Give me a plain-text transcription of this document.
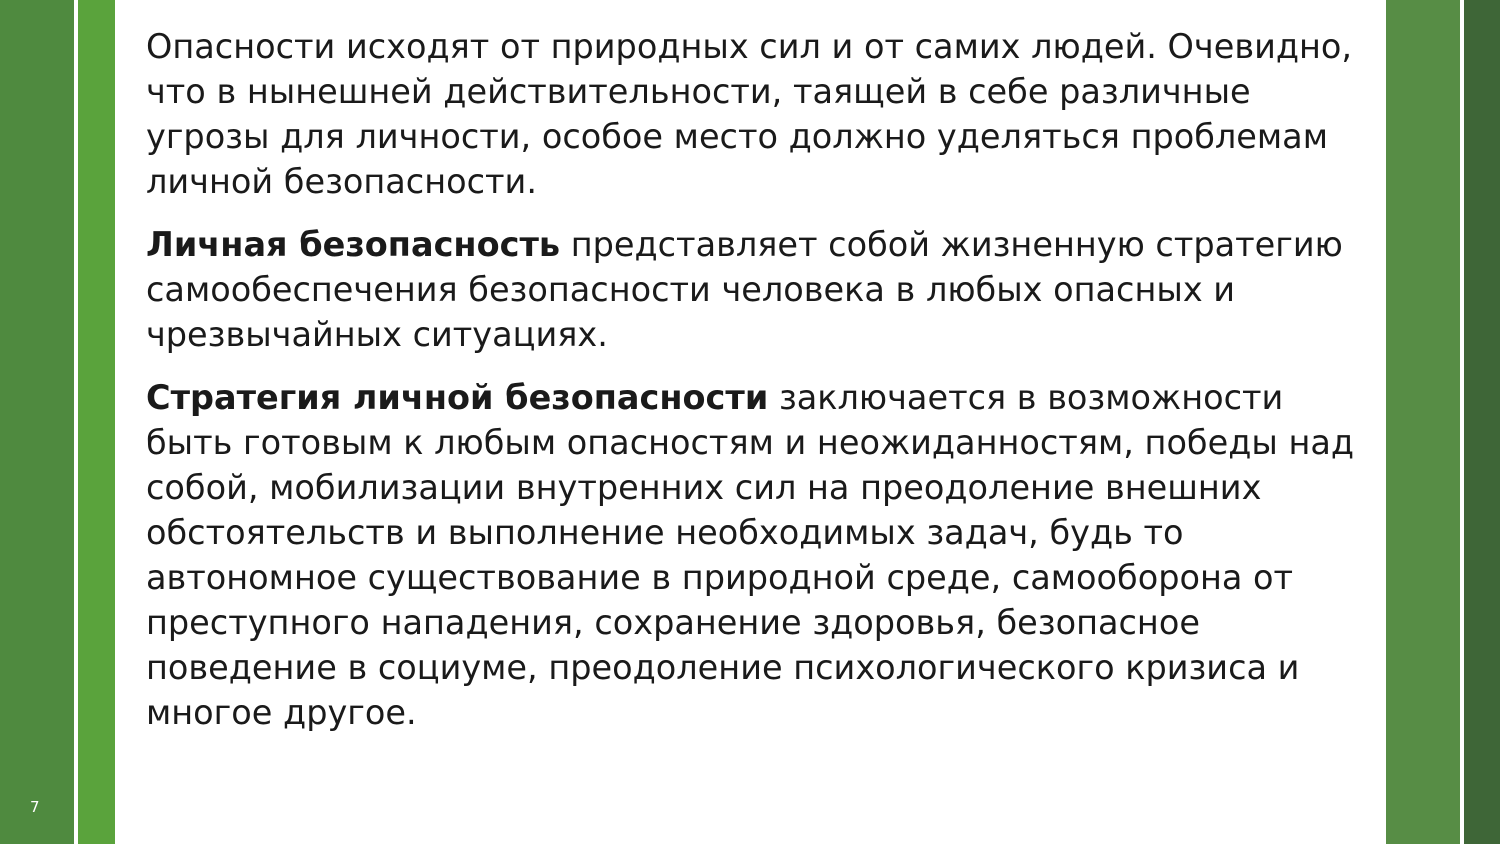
7

Опасности исходят от природных сил и от самих людей. Очевидно, что в нынешней действительности, таящей в себе различные угрозы для личности, особое место должно уделяться проблемам личной безопасности.

Личная безопасность представляет собой жизненную стратегию самообеспечения безопасности человека в любых опасных и чрезвычайных ситуациях.

Стратегия личной безопасности заключается в возможности быть готовым к любым опасностям и неожиданностям, победы над собой, мобилизации внутренних сил на преодоление внешних обстоятельств и выполнение необходимых задач, будь то автономное существование в природной среде, самооборона от преступного нападения, сохранение здоровья, безопасное поведение в социуме, преодоление психологического кризиса и многое другое.
